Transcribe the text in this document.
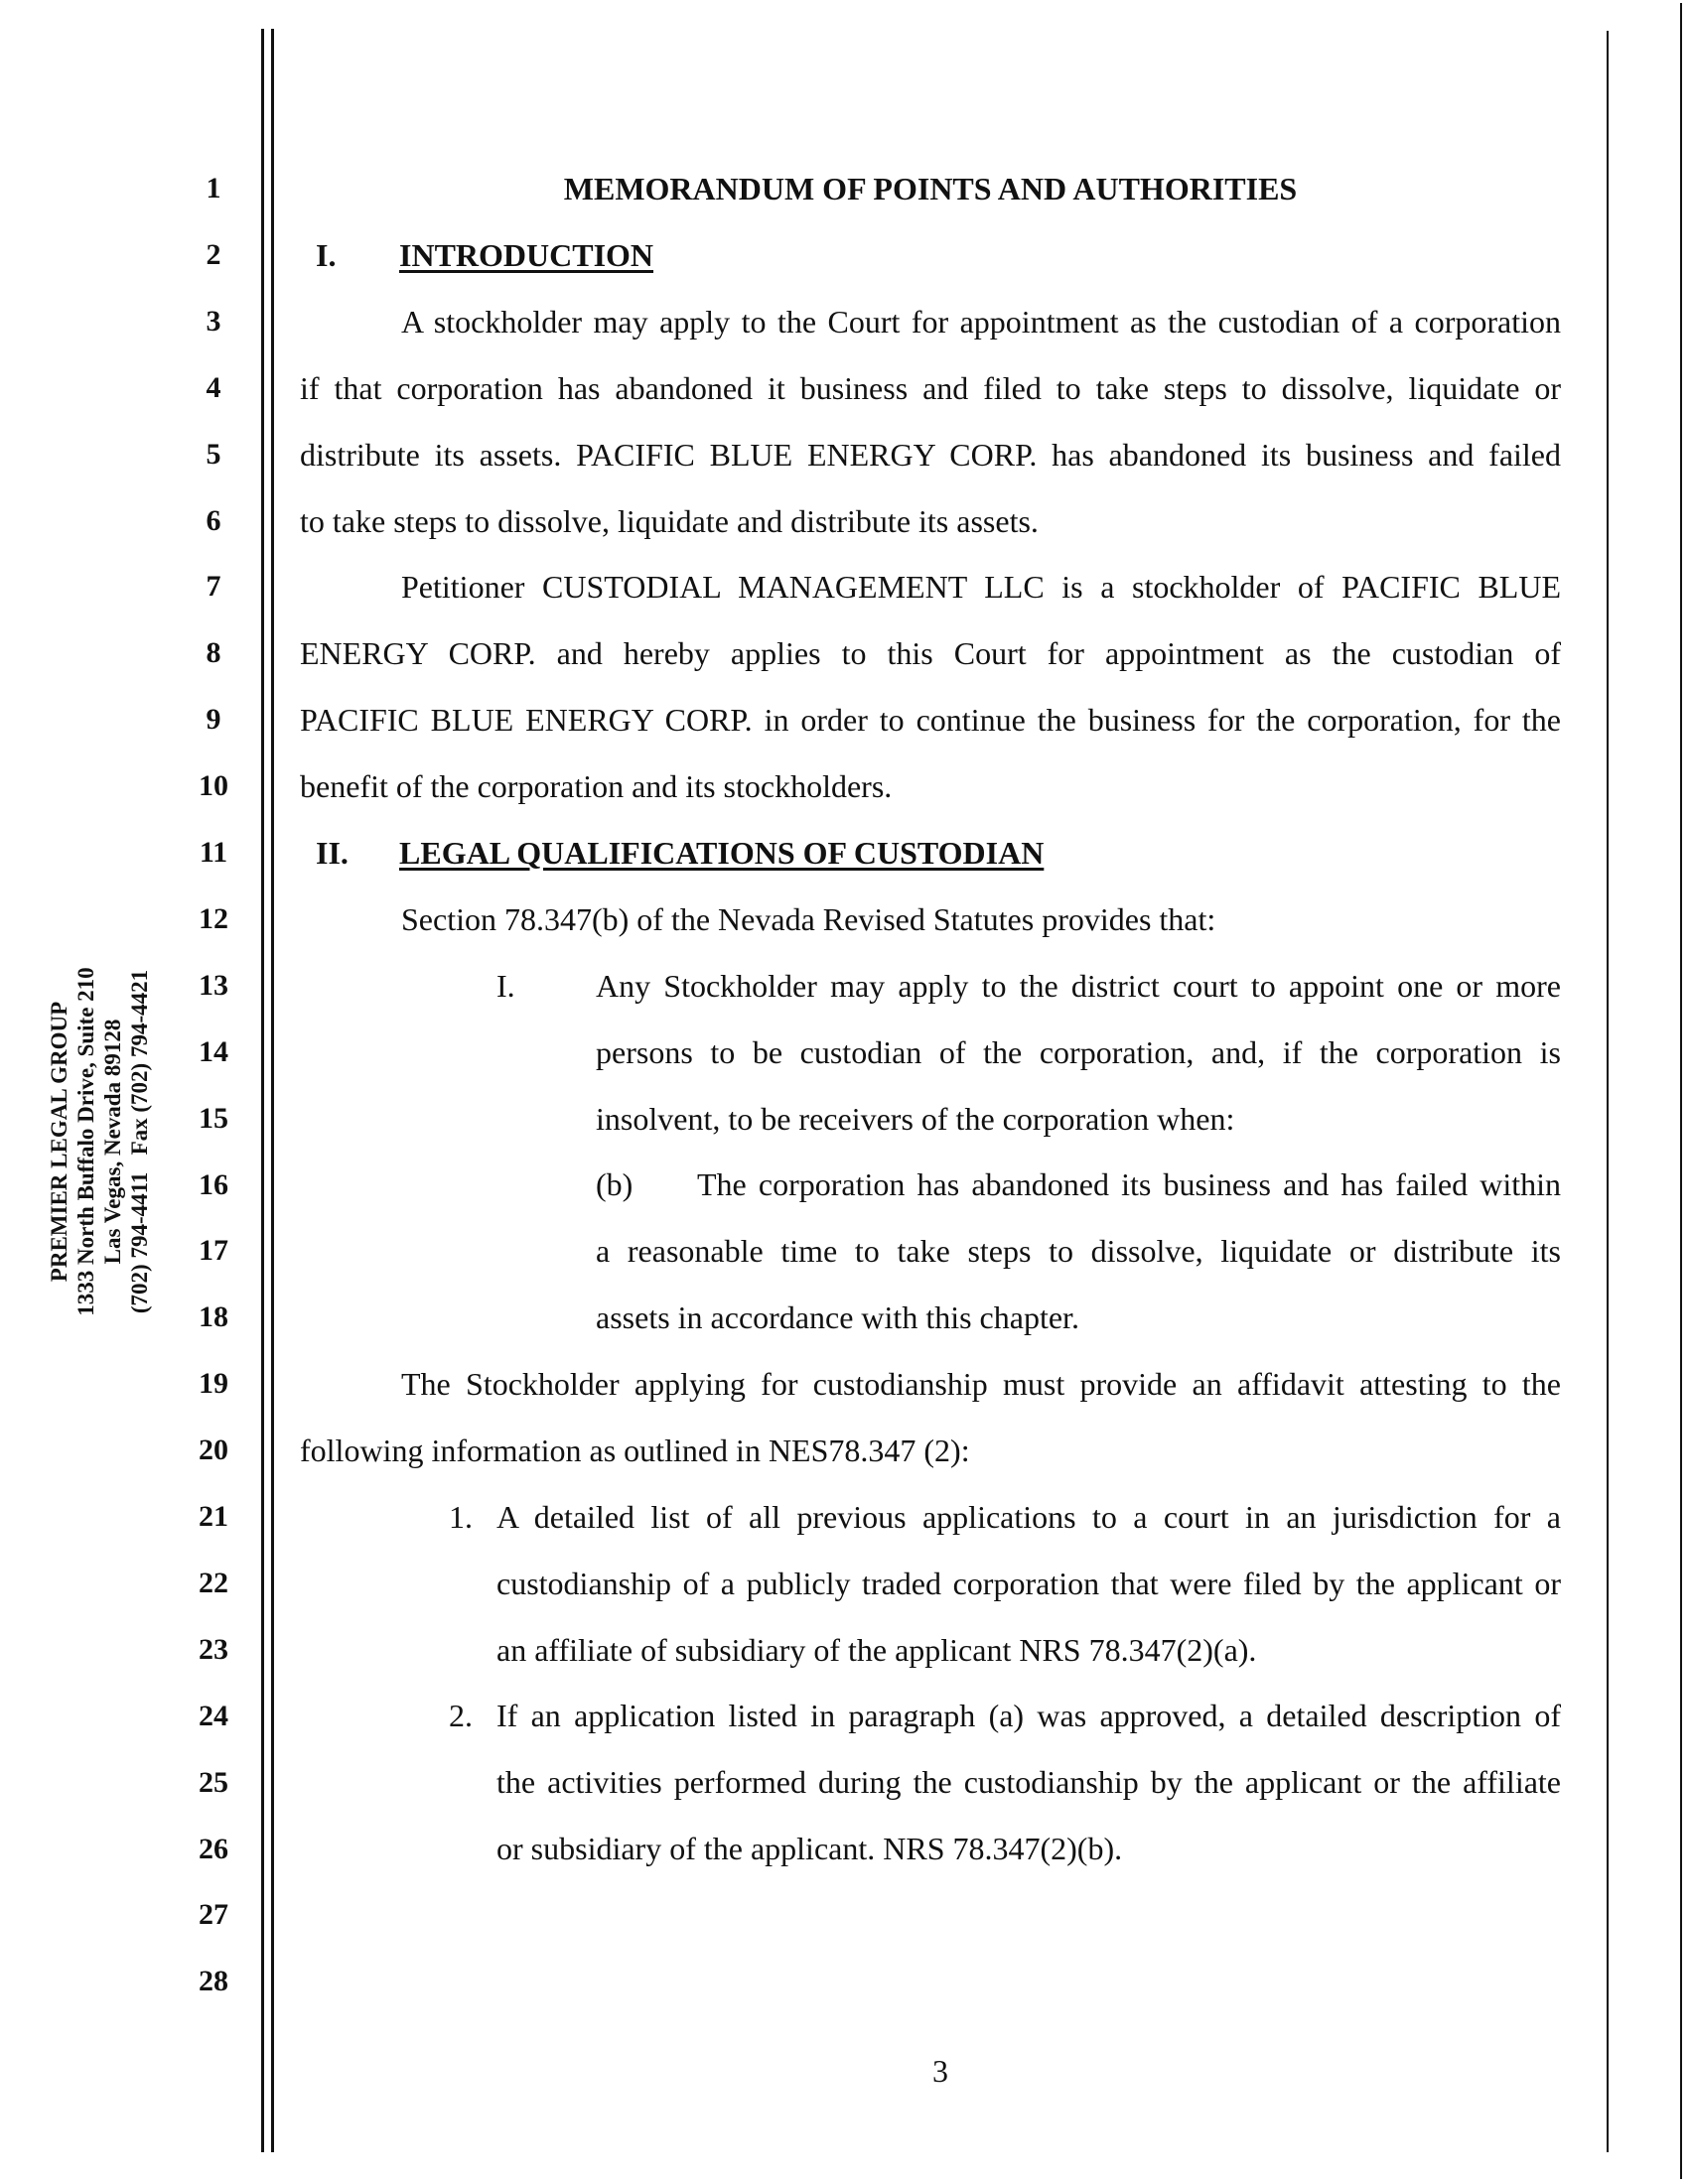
PREMIER LEGAL GROUP 1333 North Buffalo Drive, Suite 210 Las Vegas, Nevada 89128 (702) 794-4411   Fax (702) 794-4421
1
2
3
4
5
6
7
8
9
10
11
12
13
14
15
16
17
18
19
20
21
22
23
24
25
26
27
28
MEMORANDUM OF POINTS AND AUTHORITIES
I. INTRODUCTION
A stockholder may apply to the Court for appointment as the custodian of a corporation
if that corporation has abandoned it business and filed to take steps to dissolve, liquidate or
distribute its assets. PACIFIC BLUE ENERGY CORP. has abandoned its business and failed
to take steps to dissolve, liquidate and distribute its assets.
Petitioner CUSTODIAL MANAGEMENT LLC is a stockholder of PACIFIC BLUE
ENERGY CORP. and hereby applies to this Court for appointment as the custodian of
PACIFIC BLUE ENERGY CORP. in order to continue the business for the corporation, for the
benefit of the corporation and its stockholders.
II. LEGAL QUALIFICATIONS OF CUSTODIAN
Section 78.347(b) of the Nevada Revised Statutes provides that:
I.	Any Stockholder may apply to the district court to appoint one or more
persons to be custodian of the corporation, and, if the corporation is
insolvent, to be receivers of the corporation when:
(b) The corporation has abandoned its business and has failed within
a reasonable time to take steps to dissolve, liquidate or distribute its
assets in accordance with this chapter.
The Stockholder applying for custodianship must provide an affidavit attesting to the
following information as outlined in NES78.347 (2):
1. A detailed list of all previous applications to a court in an jurisdiction for a
custodianship of a publicly traded corporation that were filed by the applicant or
an affiliate of subsidiary of the applicant NRS 78.347(2)(a).
2. If an application listed in paragraph (a) was approved, a detailed description of
the activities performed during the custodianship by the applicant or the affiliate
or subsidiary of the applicant. NRS 78.347(2)(b).
3
